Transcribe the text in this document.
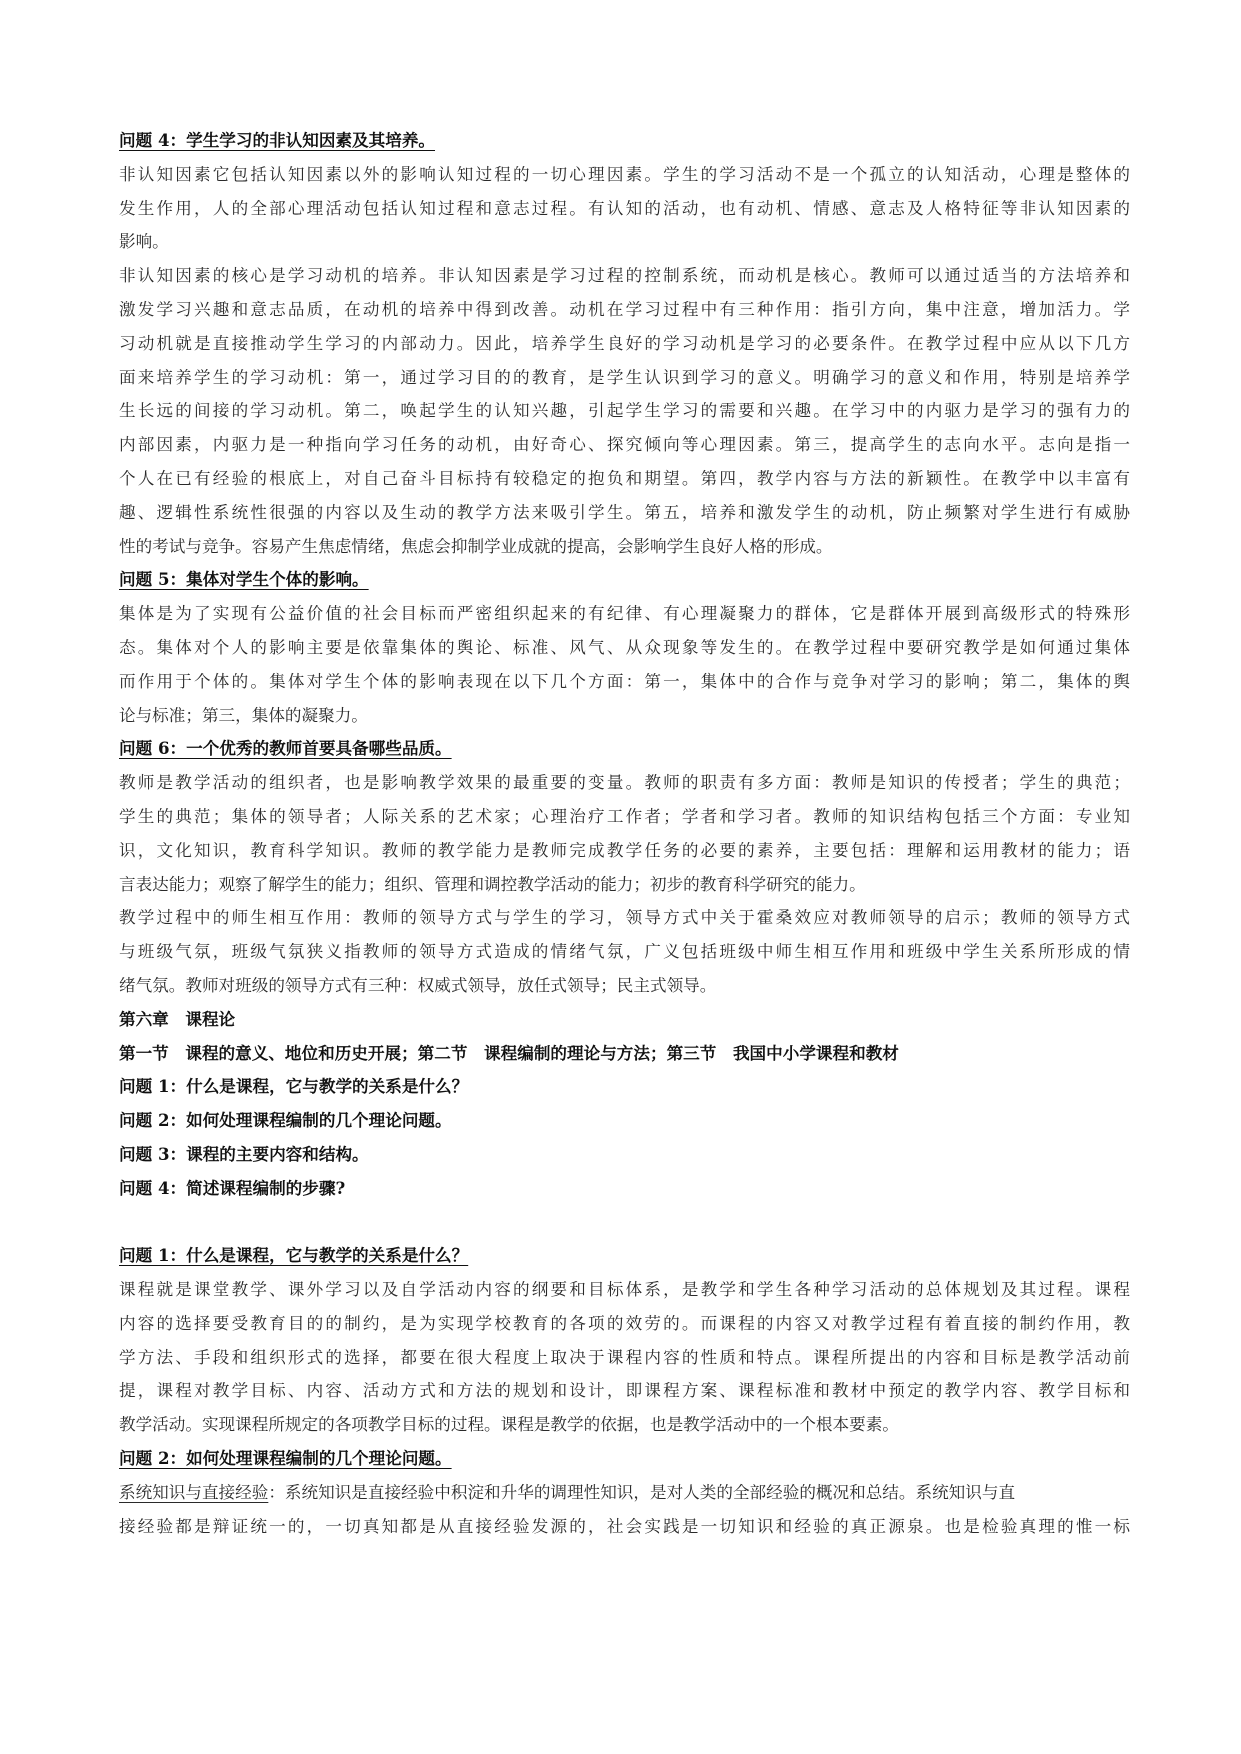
问题 4：学生学习的非认知因素及其培养。
非认知因素它包括认知因素以外的影响认知过程的一切心理因素。学生的学习活动不是一个孤立的认知活动，心理是整体的
发生作用，人的全部心理活动包括认知过程和意志过程。有认知的活动，也有动机、情感、意志及人格特征等非认知因素的
影响。
非认知因素的核心是学习动机的培养。非认知因素是学习过程的控制系统，而动机是核心。教师可以通过适当的方法培养和
激发学习兴趣和意志品质，在动机的培养中得到改善。动机在学习过程中有三种作用：指引方向，集中注意，增加活力。学
习动机就是直接推动学生学习的内部动力。因此，培养学生良好的学习动机是学习的必要条件。在教学过程中应从以下几方
面来培养学生的学习动机：第一，通过学习目的的教育，是学生认识到学习的意义。明确学习的意义和作用，特别是培养学
生长远的间接的学习动机。第二，唤起学生的认知兴趣，引起学生学习的需要和兴趣。在学习中的内驱力是学习的强有力的
内部因素，内驱力是一种指向学习任务的动机，由好奇心、探究倾向等心理因素。第三，提高学生的志向水平。志向是指一
个人在已有经验的根底上，对自己奋斗目标持有较稳定的抱负和期望。第四，教学内容与方法的新颖性。在教学中以丰富有
趣、逻辑性系统性很强的内容以及生动的教学方法来吸引学生。第五，培养和激发学生的动机，防止频繁对学生进行有威胁
性的考试与竞争。容易产生焦虑情绪，焦虑会抑制学业成就的提高，会影响学生良好人格的形成。
问题 5：集体对学生个体的影响。
集体是为了实现有公益价值的社会目标而严密组织起来的有纪律、有心理凝聚力的群体，它是群体开展到高级形式的特殊形
态。集体对个人的影响主要是依靠集体的舆论、标准、风气、从众现象等发生的。在教学过程中要研究教学是如何通过集体
而作用于个体的。集体对学生个体的影响表现在以下几个方面：第一，集体中的合作与竞争对学习的影响；第二，集体的舆
论与标准；第三，集体的凝聚力。
问题 6：一个优秀的教师首要具备哪些品质。
教师是教学活动的组织者，也是影响教学效果的最重要的变量。教师的职责有多方面：教师是知识的传授者；学生的典范；
学生的典范；集体的领导者；人际关系的艺术家；心理治疗工作者；学者和学习者。教师的知识结构包括三个方面：专业知
识，文化知识，教育科学知识。教师的教学能力是教师完成教学任务的必要的素养，主要包括：理解和运用教材的能力；语
言表达能力；观察了解学生的能力；组织、管理和调控教学活动的能力；初步的教育科学研究的能力。
教学过程中的师生相互作用：教师的领导方式与学生的学习，领导方式中关于霍桑效应对教师领导的启示；教师的领导方式
与班级气氛，班级气氛狭义指教师的领导方式造成的情绪气氛，广义包括班级中师生相互作用和班级中学生关系所形成的情
绪气氛。教师对班级的领导方式有三种：权威式领导，放任式领导；民主式领导。
第六章　课程论
第一节　课程的意义、地位和历史开展；第二节　课程编制的理论与方法；第三节　我国中小学课程和教材
问题 1：什么是课程，它与教学的关系是什么？
问题 2：如何处理课程编制的几个理论问题。
问题 3：课程的主要内容和结构。
问题 4：简述课程编制的步骤?
问题 1：什么是课程，它与教学的关系是什么？
课程就是课堂教学、课外学习以及自学活动内容的纲要和目标体系，是教学和学生各种学习活动的总体规划及其过程。课程
内容的选择要受教育目的的制约，是为实现学校教育的各项的效劳的。而课程的内容又对教学过程有着直接的制约作用，教
学方法、手段和组织形式的选择，都要在很大程度上取决于课程内容的性质和特点。课程所提出的内容和目标是教学活动前
提，课程对教学目标、内容、活动方式和方法的规划和设计，即课程方案、课程标准和教材中预定的教学内容、教学目标和
教学活动。实现课程所规定的各项教学目标的过程。课程是教学的依据，也是教学活动中的一个根本要素。
问题 2：如何处理课程编制的几个理论问题。
系统知识与直接经验：系统知识是直接经验中积淀和升华的调理性知识，是对人类的全部经验的概况和总结。系统知识与直
接经验都是辩证统一的，一切真知都是从直接经验发源的，社会实践是一切知识和经验的真正源泉。也是检验真理的惟一标
